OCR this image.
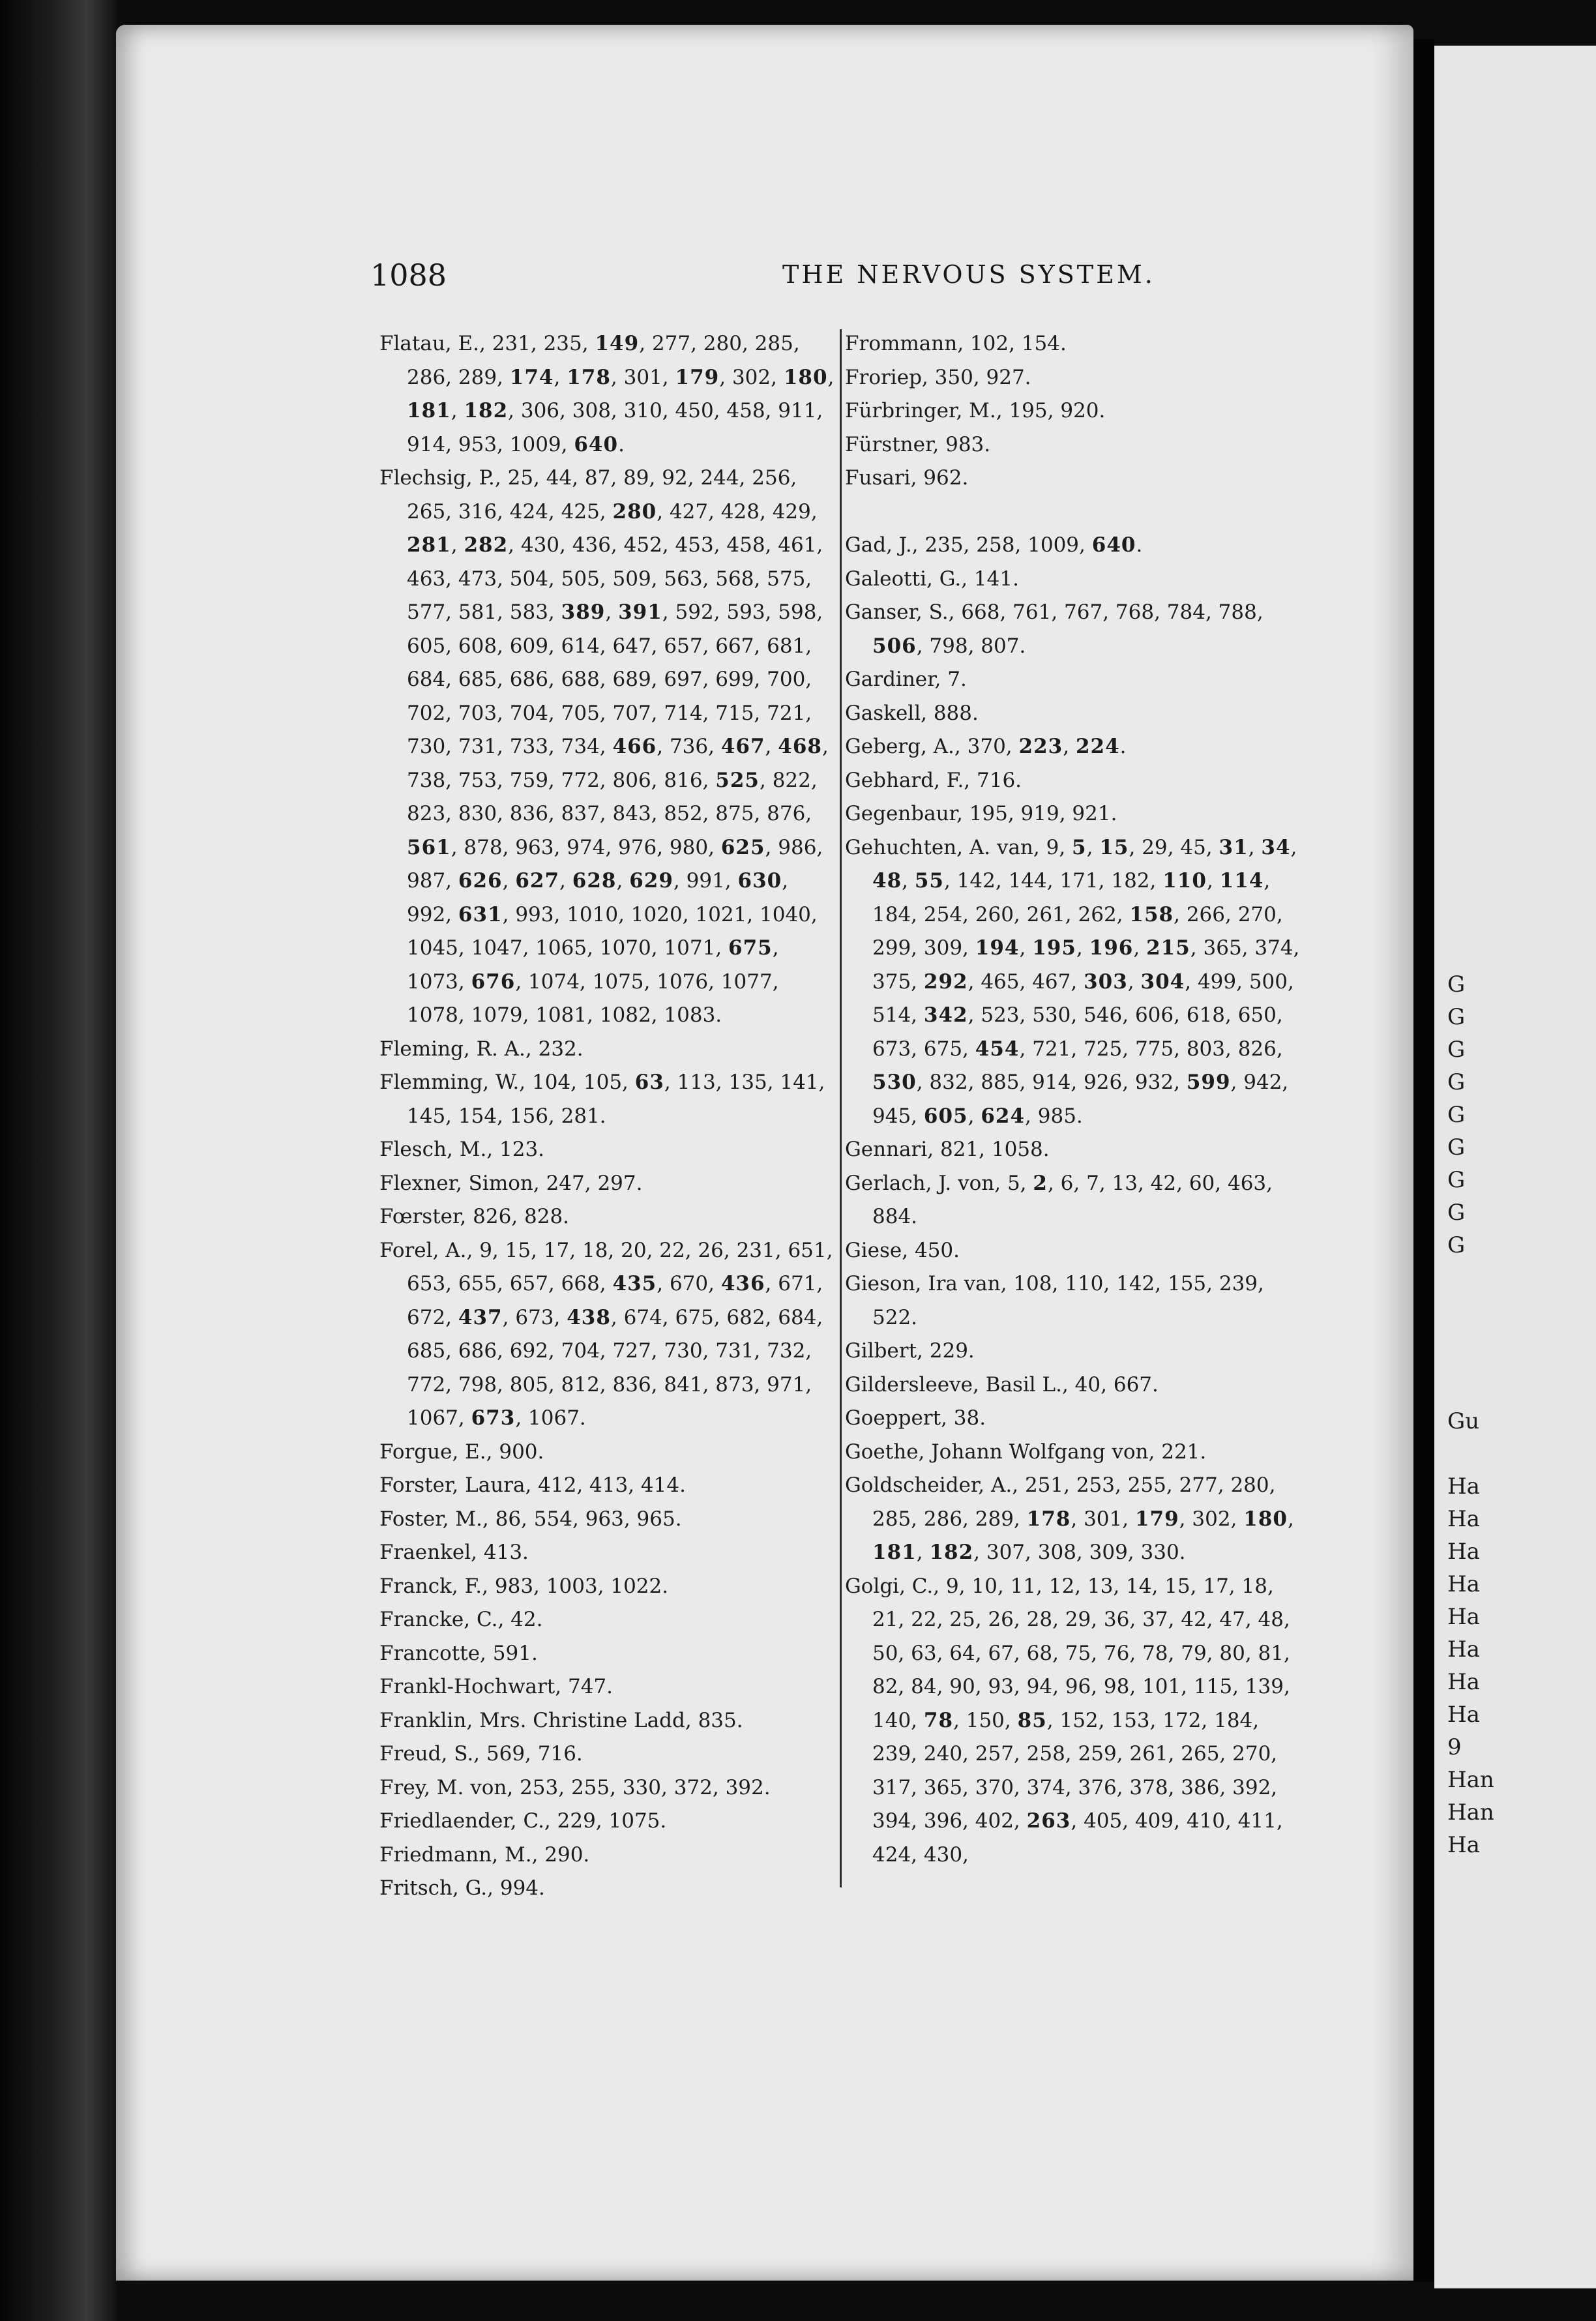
1088	THE NERVOUS SYSTEM.
Flatau, E., 231, 235, 149, 277, 280, 285, 286, 289, 174, 178, 301, 179, 302, 180, 181, 182, 306, 308, 310, 450, 458, 911, 914, 953, 1009, 640.
Flechsig, P., 25, 44, 87, 89, 92, 244, 256, 265, 316, 424, 425, 280, 427, 428, 429, 281, 282, 430, 436, 452, 453, 458, 461, 463, 473, 504, 505, 509, 563, 568, 575, 577, 581, 583, 389, 391, 592, 593, 598, 605, 608, 609, 614, 647, 657, 667, 681, 684, 685, 686, 688, 689, 697, 699, 700, 702, 703, 704, 705, 707, 714, 715, 721, 730, 731, 733, 734, 466, 736, 467, 468, 738, 753, 759, 772, 806, 816, 525, 822, 823, 830, 836, 837, 843, 852, 875, 876, 561, 878, 963, 974, 976, 980, 625, 986, 987, 626, 627, 628, 629, 991, 630, 992, 631, 993, 1010, 1020, 1021, 1040, 1045, 1047, 1065, 1070, 1071, 675, 1073, 676, 1074, 1075, 1076, 1077, 1078, 1079, 1081, 1082, 1083.
Fleming, R. A., 232.
Flemming, W., 104, 105, 63, 113, 135, 141, 145, 154, 156, 281.
Flesch, M., 123.
Flexner, Simon, 247, 297.
Fœrster, 826, 828.
Forel, A., 9, 15, 17, 18, 20, 22, 26, 231, 651, 653, 655, 657, 668, 435, 670, 436, 671, 672, 437, 673, 438, 674, 675, 682, 684, 685, 686, 692, 704, 727, 730, 731, 732, 772, 798, 805, 812, 836, 841, 873, 971, 1067, 673, 1067.
Forgue, E., 900.
Forster, Laura, 412, 413, 414.
Foster, M., 86, 554, 963, 965.
Fraenkel, 413.
Franck, F., 983, 1003, 1022.
Francke, C., 42.
Francotte, 591.
Frankl-Hochwart, 747.
Franklin, Mrs. Christine Ladd, 835.
Freud, S., 569, 716.
Frey, M. von, 253, 255, 330, 372, 392.
Friedlaender, C., 229, 1075.
Friedmann, M., 290.
Fritsch, G., 994.
Frommann, 102, 154.
Froriep, 350, 927.
Fürbringer, M., 195, 920.
Fürstner, 983.
Fusari, 962.
Gad, J., 235, 258, 1009, 640.
Galeotti, G., 141.
Ganser, S., 668, 761, 767, 768, 784, 788, 506, 798, 807.
Gardiner, 7.
Gaskell, 888.
Geberg, A., 370, 223, 224.
Gebhard, F., 716.
Gegenbaur, 195, 919, 921.
Gehuchten, A. van, 9, 5, 15, 29, 45, 31, 34, 48, 55, 142, 144, 171, 182, 110, 114, 184, 254, 260, 261, 262, 158, 266, 270, 299, 309, 194, 195, 196, 215, 365, 374, 375, 292, 465, 467, 303, 304, 499, 500, 514, 342, 523, 530, 546, 606, 618, 650, 673, 675, 454, 721, 725, 775, 803, 826, 530, 832, 885, 914, 926, 932, 599, 942, 945, 605, 624, 985.
Gennari, 821, 1058.
Gerlach, J. von, 5, 2, 6, 7, 13, 42, 60, 463, 884.
Giese, 450.
Gieson, Ira van, 108, 110, 142, 155, 239, 522.
Gilbert, 229.
Gildersleeve, Basil L., 40, 667.
Goeppert, 38.
Goethe, Johann Wolfgang von, 221.
Goldscheider, A., 251, 253, 255, 277, 280, 285, 286, 289, 178, 301, 179, 302, 180, 181, 182, 307, 308, 309, 330.
Golgi, C., 9, 10, 11, 12, 13, 14, 15, 17, 18, 21, 22, 25, 26, 28, 29, 36, 37, 42, 47, 48, 50, 63, 64, 67, 68, 75, 76, 78, 79, 80, 81, 82, 84, 90, 93, 94, 96, 98, 101, 115, 139, 140, 78, 150, 85, 152, 153, 172, 184, 239, 240, 257, 258, 259, 261, 265, 270, 317, 365, 370, 374, 376, 378, 386, 392, 394, 396, 402, 263, 405, 409, 410, 411, 424, 430,
G
G
G
G
G
G
G
G
G
Gu
Ha
Ha
Ha
Ha
Ha
Ha
Ha
Ha
9
Han
Han
Ha
